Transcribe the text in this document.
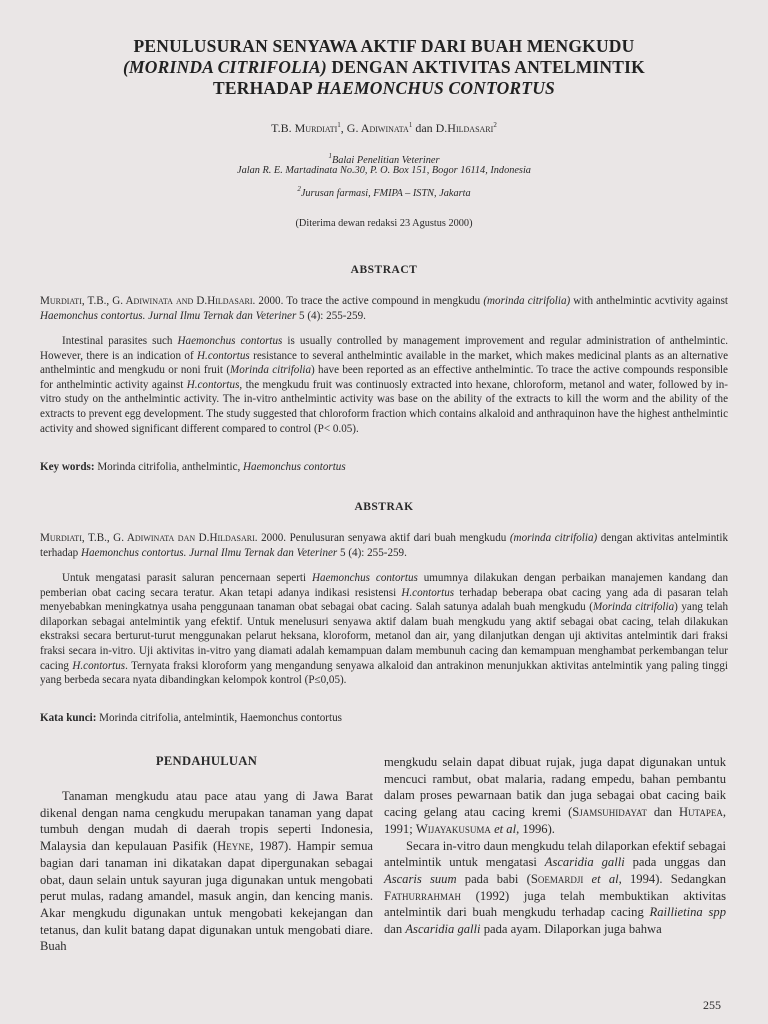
PENULUSURAN SENYAWA AKTIF DARI BUAH MENGKUDU
(MORINDA CITRIFOLIA) DENGAN AKTIVITAS ANTELMINTIK
TERHADAP HAEMONCHUS CONTORTUS
T.B. Murdiati$^1$, G. Adiwinata$^1$ dan D.Hildasari$^2$
$^1$Balai Penelitian Veteriner
Jalan R. E. Martadinata No.30, P. O. Box 151, Bogor 16114, Indonesia
$^2$Jurusan farmasi, FMIPA – ISTN, Jakarta
(Diterima dewan redaksi 23 Agustus 2000)
ABSTRACT

Murdiati, T.B., G. Adiwinata and D.Hildasari. 2000. To trace the active compound in mengkudu (morinda citrifolia) with anthelmintic acvtivity against Haemonchus contortus. Jurnal Ilmu Ternak dan Veteriner 5 (4): 255-259.

Intestinal parasites such Haemonchus contortus is usually controlled by management improvement and regular administration of anthelmintic. However, there is an indication of H.contortus resistance to several anthelmintic available in the market, which makes medicinal plants as an alternative anthelmintic and mengkudu or noni fruit (Morinda citrifolia) have been reported as an effective anthelmintic. To trace the active compounds responsible for anthelmintic activity against H.contortus, the mengkudu fruit was continuosly extracted into hexane, chloroform, metanol and water, followed by in-vitro study on the anthelmintic activity. The in-vitro anthelmintic activity was base on the ability of the extracts to kill the worm and the ability of the extracts to prevent egg development. The study suggested that chloroform fraction which contains alkaloid and anthraquinon have the highest anthelmintic activity and showed significant different compared to control (P< 0.05).

Key words: Morinda citrifolia, anthelmintic, Haemonchus contortus
ABSTRAK

Murdiati, T.B., G. Adiwinata dan D.Hildasari. 2000. Penulusuran senyawa aktif dari buah mengkudu (morinda citrifolia) dengan aktivitas antelmintik terhadap Haemonchus contortus. Jurnal Ilmu Ternak dan Veteriner 5 (4): 255-259.

Untuk mengatasi parasit saluran pencernaan seperti Haemonchus contortus umumnya dilakukan dengan perbaikan manajemen kandang dan pemberian obat cacing secara teratur. Akan tetapi adanya indikasi resistensi H.contortus terhadap beberapa obat cacing yang ada di pasaran telah menyebabkan meningkatnya usaha penggunaan tanaman obat sebagai obat cacing. Salah satunya adalah buah mengkudu (Morinda citrifolia) yang telah dilaporkan sebagai antelmintik yang efektif. Untuk menelusuri senyawa aktif dalam buah mengkudu yang aktif sebagai obat cacing, telah dilakukan ekstraksi secara berturut-turut menggunakan pelarut heksana, kloroform, metanol dan air, yang dilanjutkan dengan uji aktivitas antelmintik dari fraksi fraksi secara in-vitro. Uji aktivitas in-vitro yang diamati adalah kemampuan dalam membunuh cacing dan kemampuan menghambat perkembangan telur cacing H.contortus. Ternyata fraksi kloroform yang mengandung senyawa alkaloid dan antrakinon menunjukkan aktivitas antelmintik yang paling tinggi yang berbeda secara nyata dibandingkan kelompok kontrol (P≤0,05).

Kata kunci: Morinda citrifolia, antelmintik, Haemonchus contortus
PENDAHULUAN

Tanaman mengkudu atau pace atau yang di Jawa Barat dikenal dengan nama cengkudu merupakan tanaman yang dapat tumbuh dengan mudah di daerah tropis seperti Indonesia, Malaysia dan kepulauan Pasifik (Heyne, 1987). Hampir semua bagian dari tanaman ini dikatakan dapat dipergunakan sebagai obat, daun selain untuk sayuran juga digunakan untuk mengobati perut mulas, radang amandel, masuk angin, dan kencing manis. Akar mengkudu digunakan untuk mengobati kekejangan dan tetanus, dan kulit batang dapat digunakan untuk mengobati diare. Buah

mengkudu selain dapat dibuat rujak, juga dapat digunakan untuk mencuci rambut, obat malaria, radang empedu, bahan pembantu dalam proses pewarnaan batik dan juga sebagai obat cacing baik cacing gelang atau cacing kremi (Sjamsuhidayat dan Hutapea, 1991; Wijayakusuma et al, 1996).

Secara in-vitro daun mengkudu telah dilaporkan efektif sebagai antelmintik untuk mengatasi Ascaridia galli pada unggas dan Ascaris suum pada babi (Soemardji et al, 1994). Sedangkan Fathurrahmah (1992) juga telah membuktikan aktivitas antelmintik dari buah mengkudu terhadap cacing Raillietina spp dan Ascaridia galli pada ayam. Dilaporkan juga bahwa

255
